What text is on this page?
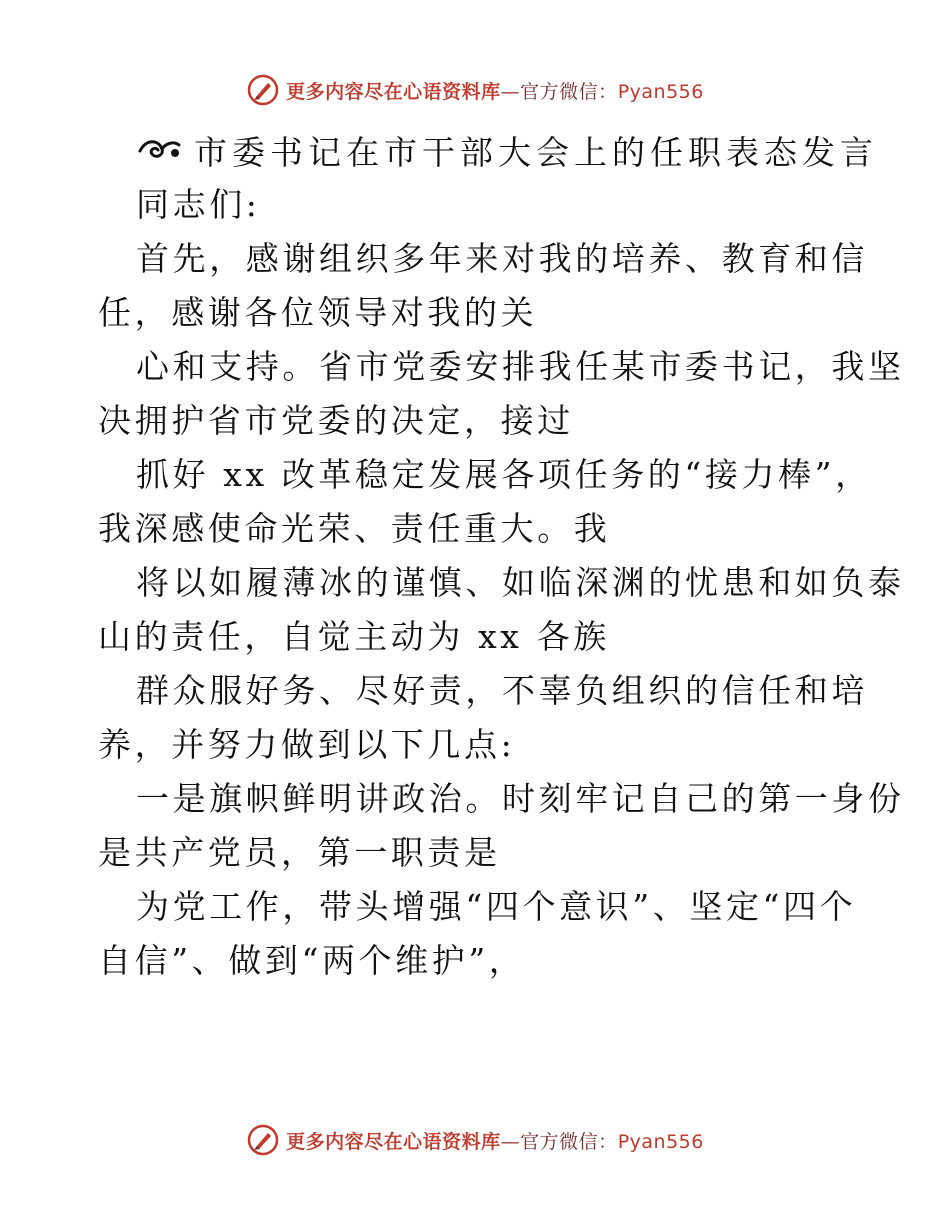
更多内容尽在心语资料库—官方微信：Pyan556
市委书记在市干部大会上的任职表态发言
同志们:
首先，感谢组织多年来对我的培养、教育和信
任，感谢各位领导对我的关
心和支持。省市党委安排我任某市委书记，我坚
决拥护省市党委的决定，接过
抓好 xx 改革稳定发展各项任务的“接力棒”，
我深感使命光荣、责任重大。我
将以如履薄冰的谨慎、如临深渊的忧患和如负泰
山的责任，自觉主动为 xx 各族
群众服好务、尽好责，不辜负组织的信任和培
养，并努力做到以下几点:
一是旗帜鲜明讲政治。时刻牢记自己的第一身份
是共产党员，第一职责是
为党工作，带头增强“四个意识”、坚定“四个
自信”、做到“两个维护”，
更多内容尽在心语资料库—官方微信：Pyan556
